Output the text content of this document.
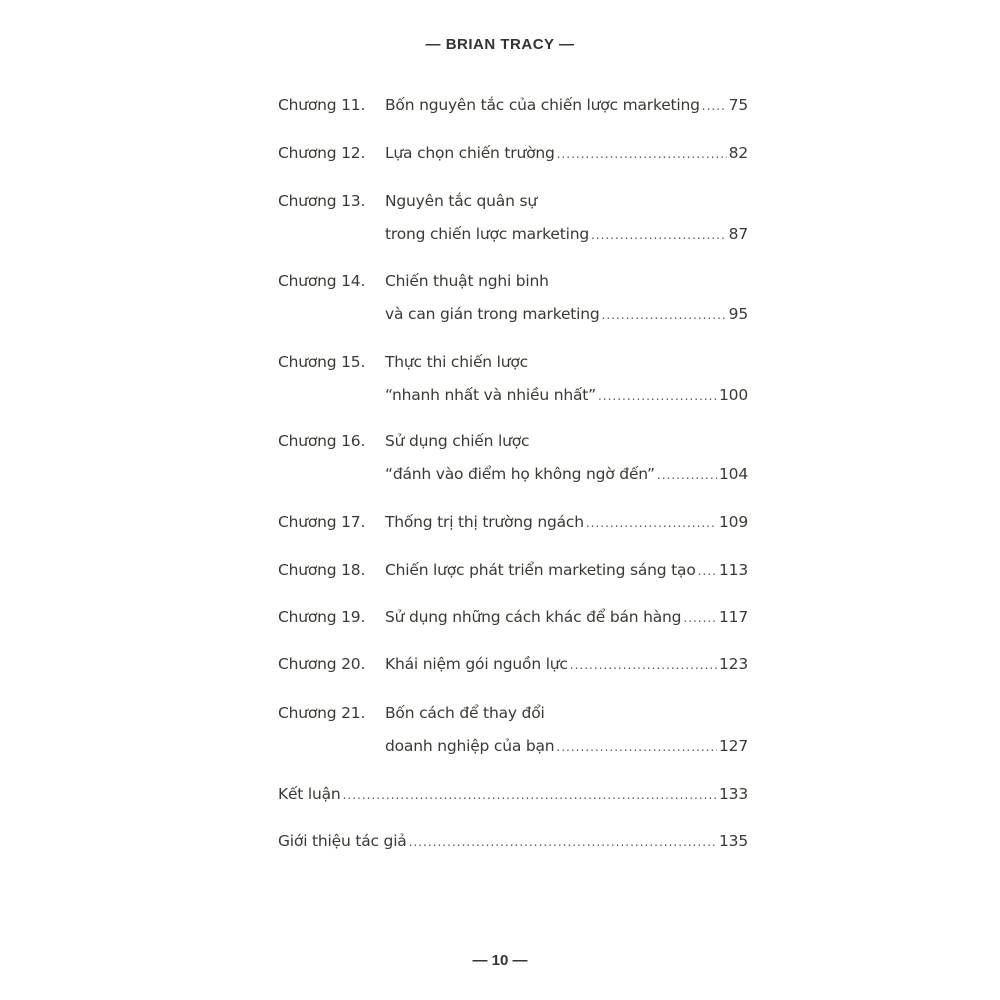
— BRIAN TRACY —
Chương 11. Bốn nguyên tắc của chiến lược marketing ..... 75
Chương 12. Lựa chọn chiến trường .....	82
Chương 13. Nguyên tắc quân sự
trong chiến lược marketing .....	87
Chương 14. Chiến thuật nghi binh
và can gián trong marketing .....	95
Chương 15. Thực thi chiến lược
“nhanh nhất và nhiều nhất” .....	100
Chương 16. Sử dụng chiến lược
“đánh vào điểm họ không ngờ đến” .....	104
Chương 17. Thống trị thị trường ngách .....	109
Chương 18. Chiến lược phát triển marketing sáng tạo ..... 113
Chương 19. Sử dụng những cách khác để bán hàng ..... 117
Chương 20. Khái niệm gói nguồn lực .....	123
Chương 21. Bốn cách để thay đổi
doanh nghiệp của bạn .....	127
Kết luận .....	133
Giới thiệu tác giả .....	135
— 10 —
